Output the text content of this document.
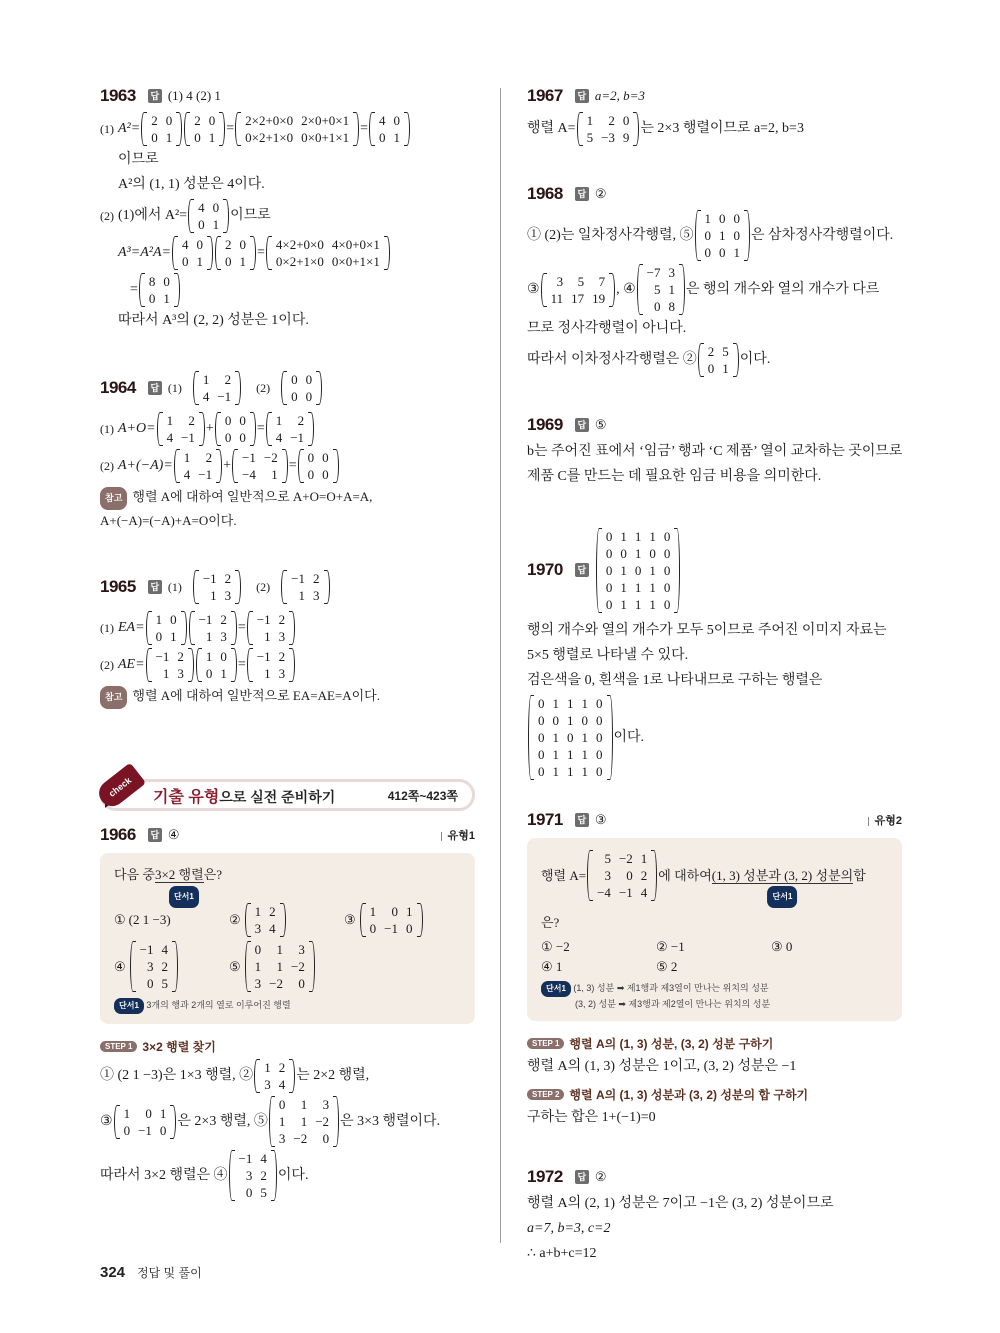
1963 답 (1) 4 (2) 1
(1) A²=
2	0
0	1
2	0
0	1
=
2×2+0×0	2×0+0×1
0×2+1×0	0×0+1×1
=
4	0
0	1
이므로
A²의 (1, 1) 성분은 4이다.
(2) (1)에서 A²=
4	0
0	1
이므로
A³=A²A=
4	0
0	1
2	0
0	1
=
4×2+0×0	4×0+0×1
0×2+1×0	0×0+1×1
=
8	0
0	1
따라서 A³의 (2, 2) 성분은 1이다.
1964 답 (1)
1	2
4	−1
(2)
0	0
0	0
(1) A+O=
1	2
4	−1
+
0	0
0	0
=
1	2
4	−1
(2) A+(−A)=
1	2
4	−1
+
−1	−2
−4	1
=
0	0
0	0
참고 행렬 A에 대하여 일반적으로 A+O=O+A=A,
A+(−A)=(−A)+A=O이다.
1965 답 (1)
−1	2
1	3
(2)
−1	2
1	3
(1) EA=
1	0
0	1
−1	2
1	3
=
−1	2
1	3
(2) AE=
−1	2
1	3
1	0
0	1
=
−1	2
1	3
참고 행렬 A에 대하여 일반적으로 EA=AE=A이다.
check	기출 유형으로 실전 준비하기	412쪽~423쪽
1966 답 ④	유형1
다음 중 3×2 행렬
단서1
은?
① (2 1 −3)	②
1	2
3	4
③
1	0	1
0	−1	0
④
−1	4
3	2
0	5
⑤
0	1	3
1	1	−2
3	−2	0
단서1 3개의 행과 2개의 열로 이루어진 행렬
STEP 1 3×2 행렬 찾기
① (2 1 −3)은 1×3 행렬, ②
1	2
3	4
는 2×2 행렬,
③
1	0	1
0	−1	0
은 2×3 행렬, ⑤
0	1	3
1	1	−2
3	−2	0
은 3×3 행렬이다.
따라서 3×2 행렬은 ④
−1	4
3	2
0	5
이다.
1967 답 a=2, b=3
행렬 A=
1	2	0
5	−3	9
는 2×3 행렬이므로 a=2, b=3
1968 답 ②
① (2)는 일차정사각행렬, ⑤
1	0	0
0	1	0
0	0	1
은 삼차정사각행렬이다.
③
3	5	7
11	17	19
, ④
−7	3
5	1
0	8
은 행의 개수와 열의 개수가 다르
므로 정사각행렬이 아니다.
따라서 이차정사각행렬은 ②
2	5
0	1
이다.
1969 답 ⑤
b는 주어진 표에서 ‘임금’ 행과 ‘C 제품’ 열이 교차하는 곳이므로
제품 C를 만드는 데 필요한 임금 비용을 의미한다.
1970 답
0	1	1	1	0
0	0	1	0	0
0	1	0	1	0
0	1	1	1	0
0	1	1	1	0
행의 개수와 열의 개수가 모두 5이므로 주어진 이미지 자료는
5×5 행렬로 나타낼 수 있다.
검은색을 0, 흰색을 1로 나타내므로 구하는 행렬은
0	1	1	1	0
0	0	1	0	0
0	1	0	1	0
0	1	1	1	0
0	1	1	1	0
이다.
1971 답 ③	유형2
행렬 A=
5	−2	1
3	0	2
−4	−1	4
에 대하여 (1, 3) 성분과 (3, 2) 성분의
단서1
합
은?
① −2	② −1	③ 0
④ 1	⑤ 2
단서1 (1, 3) 성분 ➡ 제1행과 제3열이 만나는 위치의 성분
(3, 2) 성분 ➡ 제3행과 제2열이 만나는 위치의 성분
STEP 1 행렬 A의 (1, 3) 성분, (3, 2) 성분 구하기
행렬 A의 (1, 3) 성분은 1이고, (3, 2) 성분은 −1
STEP 2 행렬 A의 (1, 3) 성분과 (3, 2) 성분의 합 구하기
구하는 합은 1+(−1)=0
1972 답 ②
행렬 A의 (2, 1) 성분은 7이고 −1은 (3, 2) 성분이므로
a=7, b=3, c=2
∴ a+b+c=12
324 정답 및 풀이
